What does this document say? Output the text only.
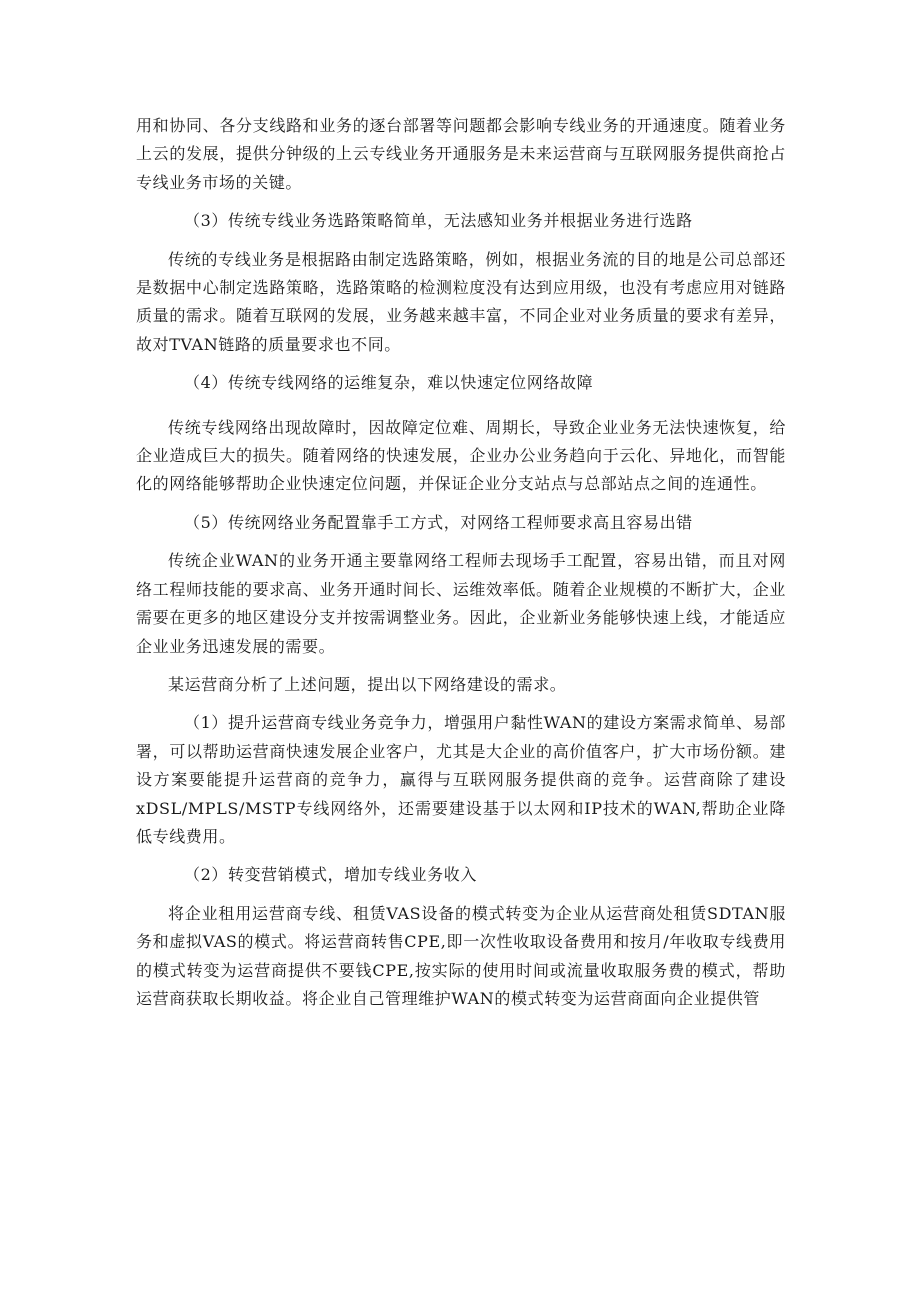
用和协同、各分支线路和业务的逐台部署等问题都会影响专线业务的开通速度。随着业务上云的发展，提供分钟级的上云专线业务开通服务是未来运营商与互联网服务提供商抢占专线业务市场的关键。

（3）传统专线业务选路策略简单，无法感知业务并根据业务进行选路

传统的专线业务是根据路由制定选路策略，例如，根据业务流的目的地是公司总部还是数据中心制定选路策略，选路策略的检测粒度没有达到应用级，也没有考虑应用对链路质量的需求。随着互联网的发展，业务越来越丰富，不同企业对业务质量的要求有差异，故对TVAN链路的质量要求也不同。

（4）传统专线网络的运维复杂，难以快速定位网络故障

传统专线网络出现故障时，因故障定位难、周期长，导致企业业务无法快速恢复，给企业造成巨大的损失。随着网络的快速发展，企业办公业务趋向于云化、异地化，而智能化的网络能够帮助企业快速定位问题，并保证企业分支站点与总部站点之间的连通性。

（5）传统网络业务配置靠手工方式，对网络工程师要求高且容易出错

传统企业WAN的业务开通主要靠网络工程师去现场手工配置，容易出错，而且对网络工程师技能的要求高、业务开通时间长、运维效率低。随着企业规模的不断扩大，企业需要在更多的地区建设分支并按需调整业务。因此，企业新业务能够快速上线，才能适应企业业务迅速发展的需要。

某运营商分析了上述问题，提出以下网络建设的需求。

（1）提升运营商专线业务竞争力，增强用户黏性WAN的建设方案需求简单、易部署，可以帮助运营商快速发展企业客户，尤其是大企业的高价值客户，扩大市场份额。建设方案要能提升运营商的竞争力，赢得与互联网服务提供商的竞争。运营商除了建设xDSL/MPLS/MSTP专线网络外，还需要建设基于以太网和IP技术的WAN,帮助企业降低专线费用。

（2）转变营销模式，增加专线业务收入

将企业租用运营商专线、租赁VAS设备的模式转变为企业从运营商处租赁SDTAN服务和虚拟VAS的模式。将运营商转售CPE,即一次性收取设备费用和按月/年收取专线费用的模式转变为运营商提供不要钱CPE,按实际的使用时间或流量收取服务费的模式，帮助运营商获取长期收益。将企业自己管理维护WAN的模式转变为运营商面向企业提供管
